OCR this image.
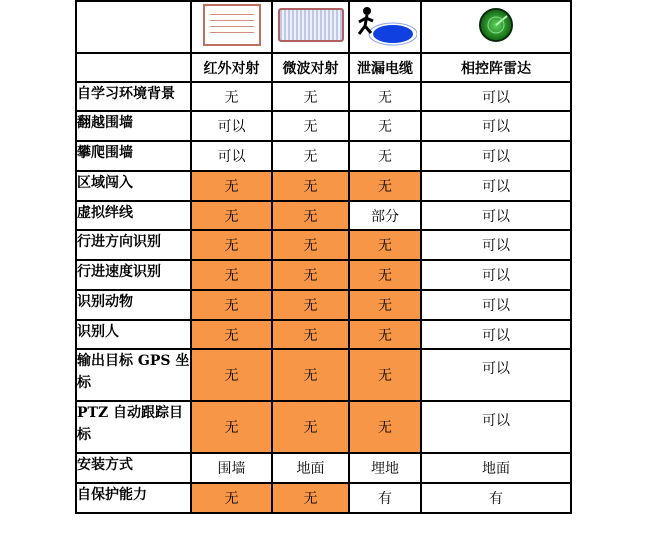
	红外对射	微波对射	泄漏电缆	相控阵雷达
自学习环境背景	无	无	无	可以
翻越围墙	可以	无	无	可以
攀爬围墙	可以	无	无	可以
区域闯入	无	无	无	可以
虚拟绊线	无	无	部分	可以
行进方向识别	无	无	无	可以
行进速度识别	无	无	无	可以
识别动物	无	无	无	可以
识别人	无	无	无	可以
输出目标 GPS 坐标	无	无	无	可以
PTZ 自动跟踪目标	无	无	无	可以
安装方式	围墙	地面	埋地	地面
自保护能力	无	无	有	有
